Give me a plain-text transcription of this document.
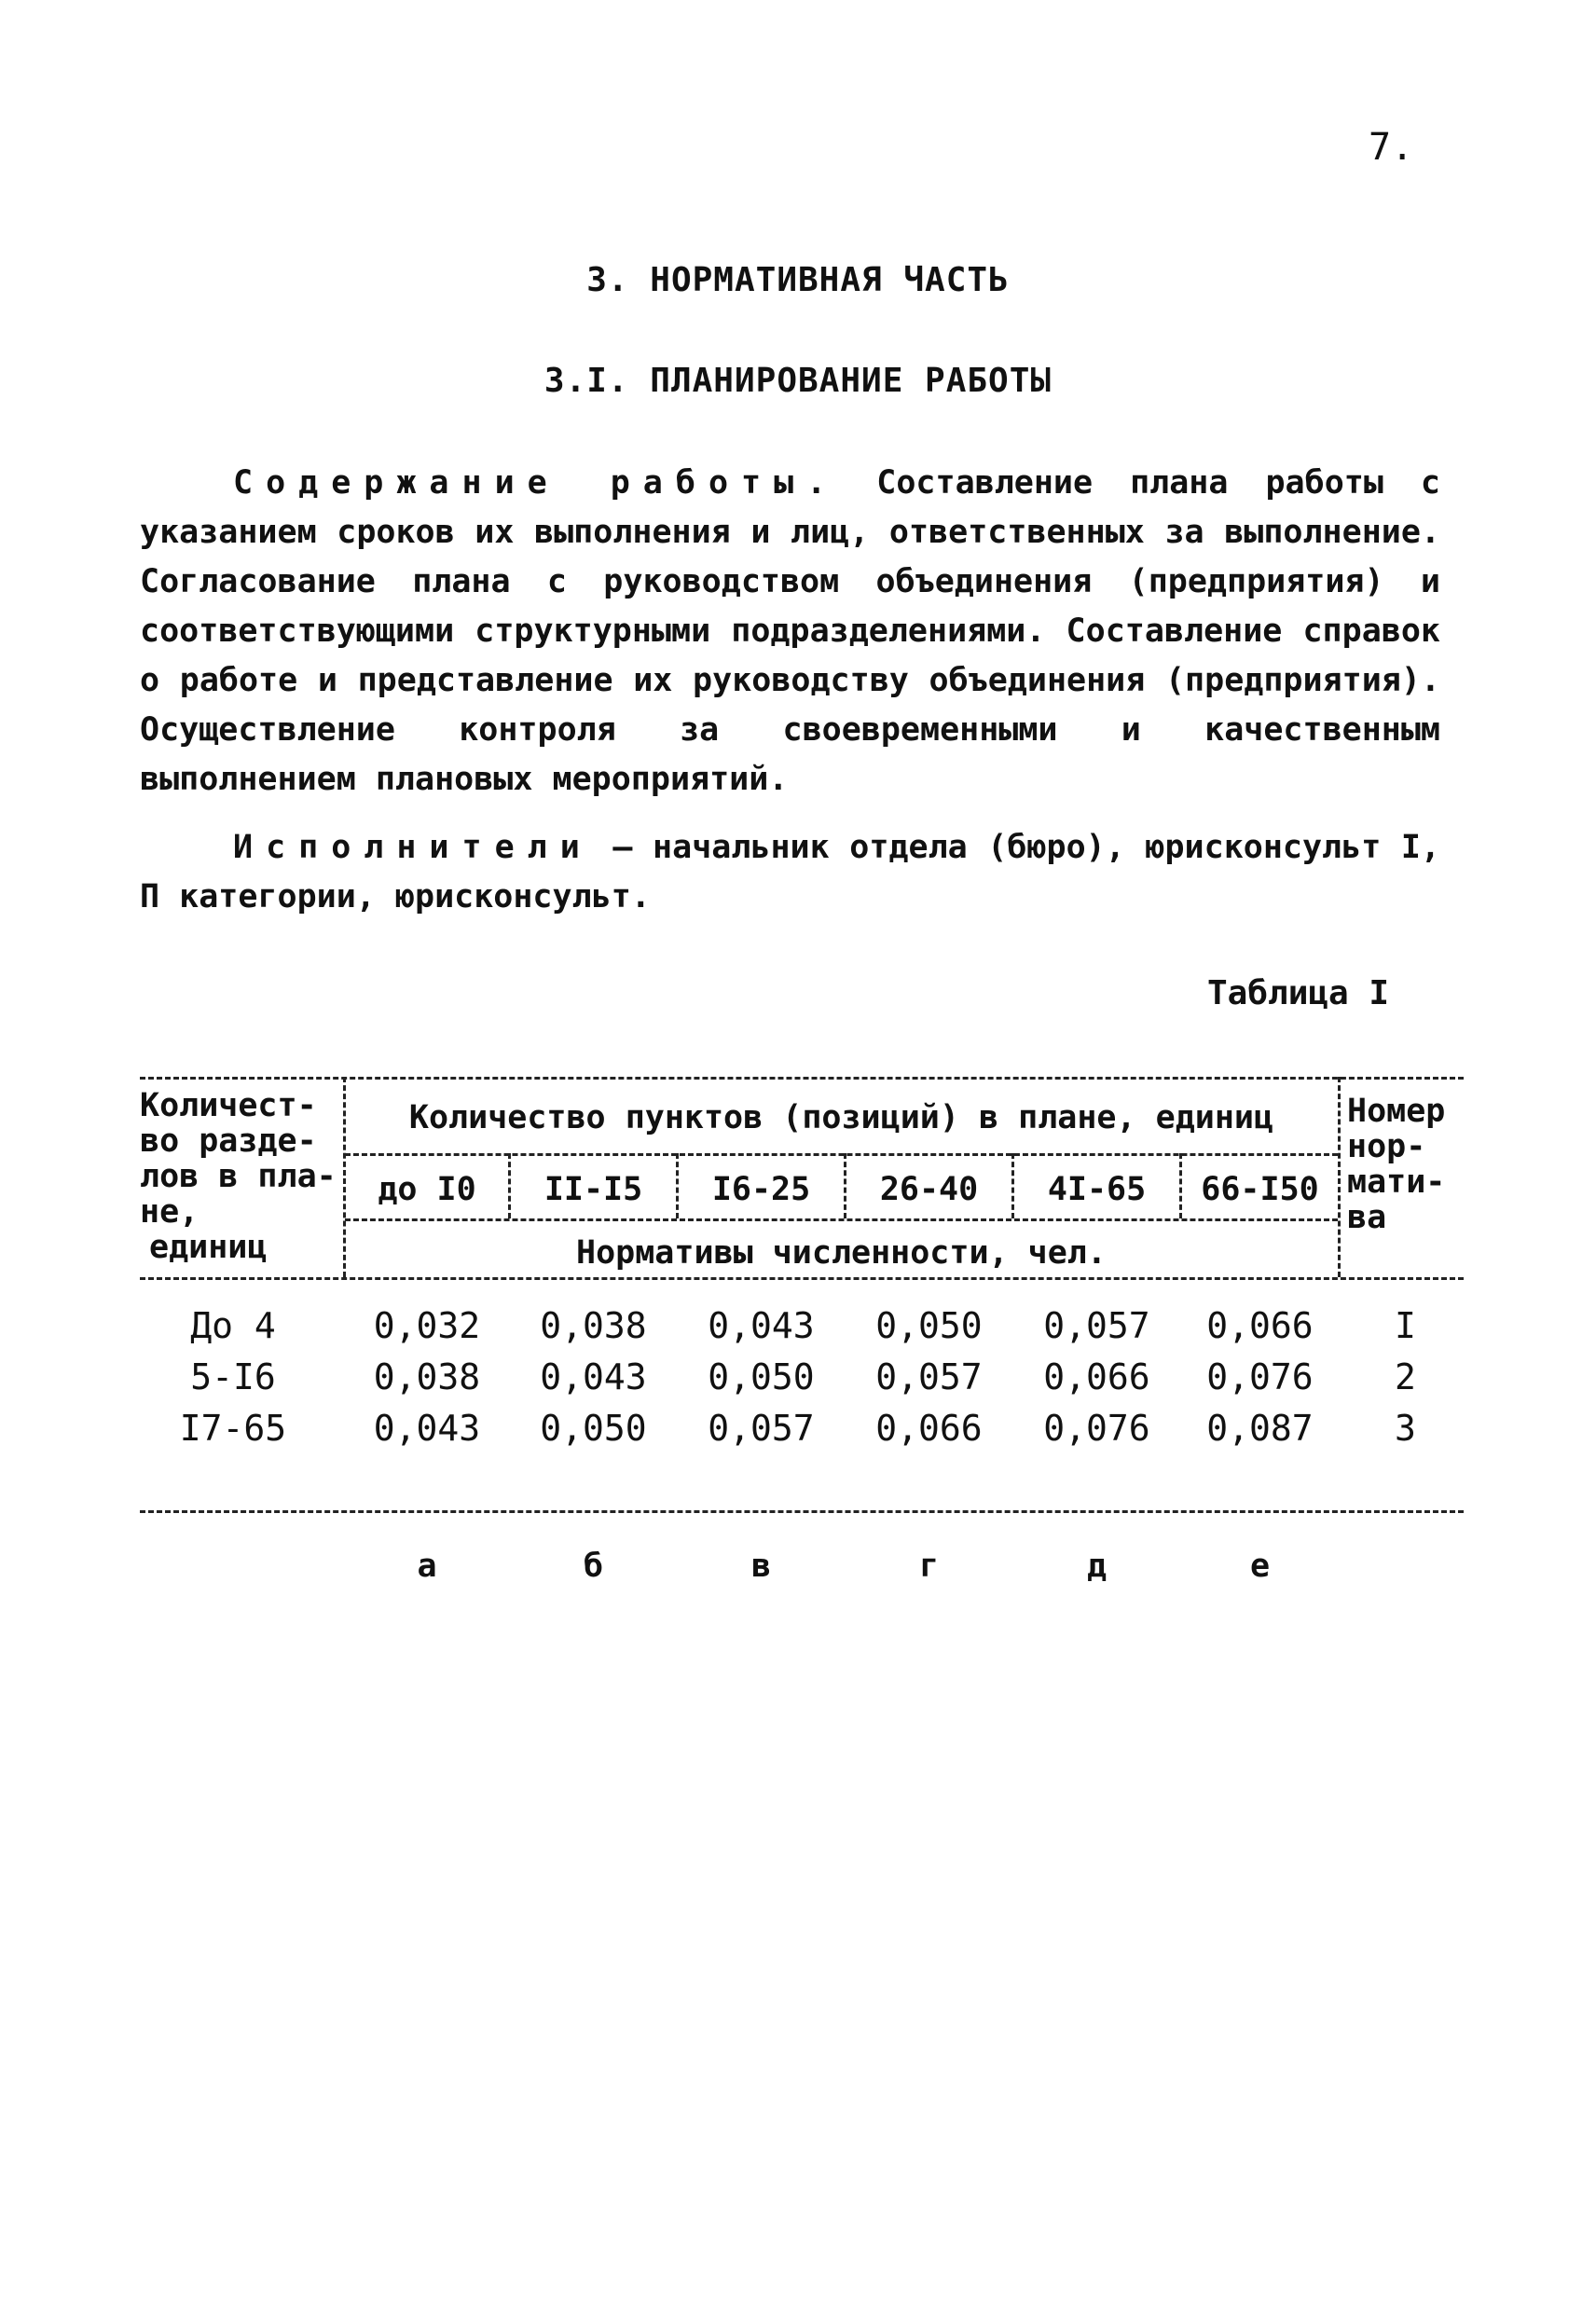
7.
3. НОРМАТИВНАЯ ЧАСТЬ
3.I. ПЛАНИРОВАНИЕ РАБОТЫ
Содержание работы. Составление плана работы с указанием сроков их выполнения и лиц, ответственных за выполнение. Согласование плана с руководством объединения (предприятия) и соответствующими структурными подразделениями. Составление справок о работе и представление их руководству объединения (предприятия). Осуществление контроля за своевременными и качественным выполнением плановых мероприятий.
Исполнители – начальник отдела (бюро), юрисконсульт I, П категории, юрисконсульт.
Таблица I
Количест-
во разде-
лов в пла-
не,
единиц
Количество пунктов (позиций) в плане, единиц
до I0	II-I5	I6-25	26-40	4I-65	66-I50
Нормативы численности, чел.
Номер
нор-
мати-
ва
До 4	0,032	0,038	0,043	0,050	0,057	0,066	I
5-I6	0,038	0,043	0,050	0,057	0,066	0,076	2
I7-65	0,043	0,050	0,057	0,066	0,076	0,087	3
а	б	в	г	д	е
